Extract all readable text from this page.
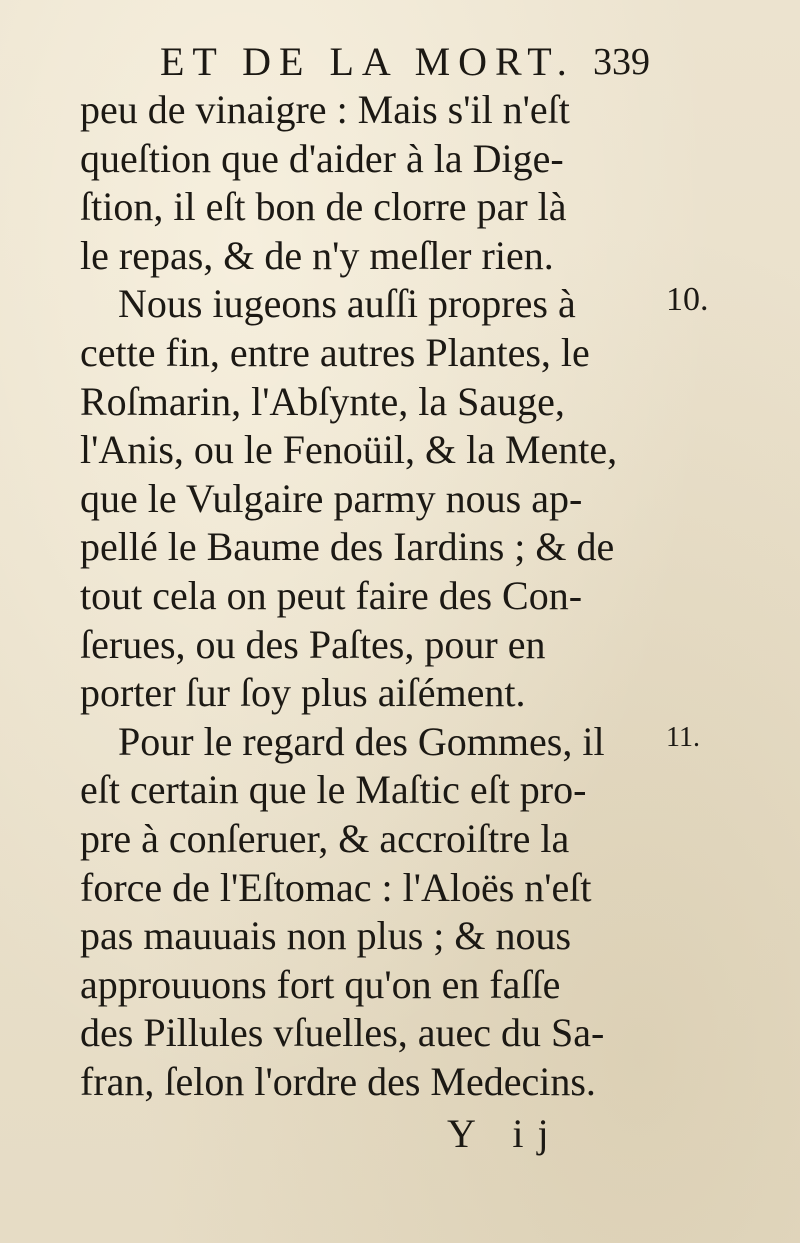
ET DE LA MORT. 339
peu de vinaigre : Mais s'il n'eſt
queſtion que d'aider à la Dige-
ſtion, il eſt bon de clorre par là
le repas, & de n'y meſler rien.
Nous iugeons auſſi propres à
cette fin, entre autres Plantes, le
Roſmarin, l'Abſynte, la Sauge,
l'Anis, ou le Fenoüil, & la Mente,
que le Vulgaire parmy nous ap-
pellé le Baume des Iardins ; & de
tout cela on peut faire des Con-
ſerues, ou des Paſtes, pour en
porter ſur ſoy plus aiſément.
Pour le regard des Gommes, il
eſt certain que le Maſtic eſt pro-
pre à conſeruer, & accroiſtre la
force de l'Eſtomac : l'Aloës n'eſt
pas mauuais non plus ; & nous
approuuons fort qu'on en faſſe
des Pillules vſuelles, auec du Sa-
fran, ſelon l'ordre des Medecins.
10.
11.
Y ij
